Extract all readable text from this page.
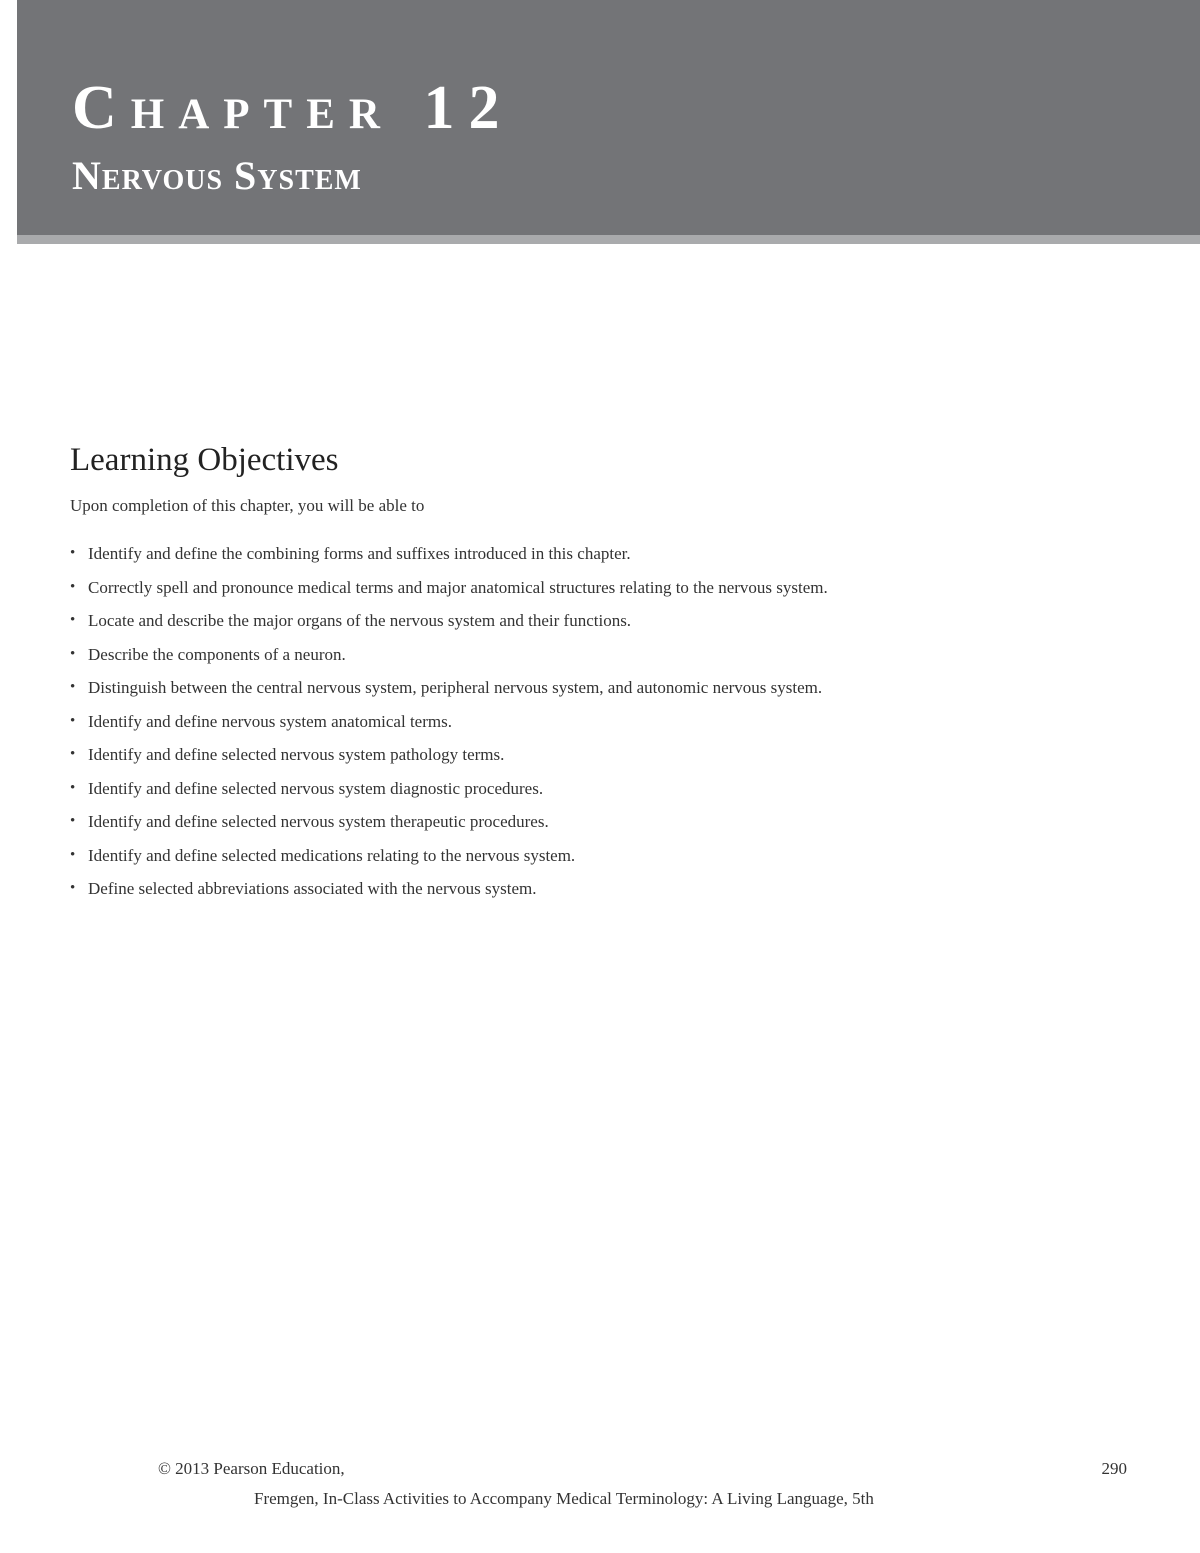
Chapter 12
Nervous System
Learning Objectives

Upon completion of this chapter, you will be able to

• Identify and define the combining forms and suffixes introduced in this chapter.
• Correctly spell and pronounce medical terms and major anatomical structures relating to the nervous system.
• Locate and describe the major organs of the nervous system and their functions.
• Describe the components of a neuron.
• Distinguish between the central nervous system, peripheral nervous system, and autonomic nervous system.
• Identify and define nervous system anatomical terms.
• Identify and define selected nervous system pathology terms.
• Identify and define selected nervous system diagnostic procedures.
• Identify and define selected nervous system therapeutic procedures.
• Identify and define selected medications relating to the nervous system.
• Define selected abbreviations associated with the nervous system.

© 2013 Pearson Education,	290

Fremgen, In-Class Activities to Accompany Medical Terminology: A Living Language, 5th
